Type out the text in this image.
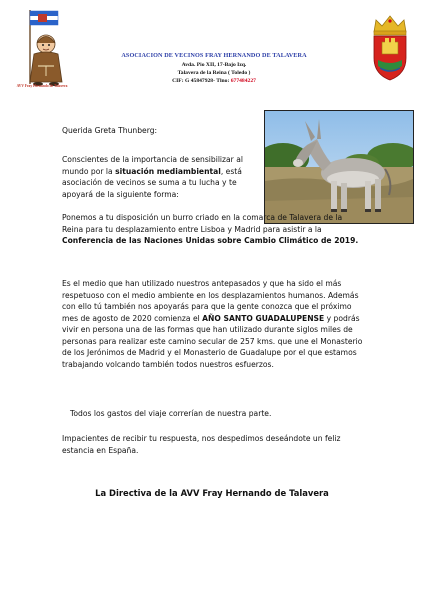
AVV Fray Hernando de Talavera
ASOCIACION DE VECINOS FRAY HERNANDO DE TALAVERA
Avda. Pio XII, 17-Bajo Izq.
Talavera de la Reina ( Toledo )
CIF: G 45847928- Tlno: 677484227
Querida Greta Thunberg:
Conscientes de la importancia de sensibilizar al mundo por la situación mediambiental, está asociación de vecinos se suma a tu lucha y te apoyará de la siguiente forma:
Ponemos a tu disposición un burro criado en la comarca de Talavera de la Reina para tu desplazamiento entre Lisboa y Madrid para asistir a la Conferencia de las Naciones Unidas sobre Cambio Climático de 2019.
Es el medio que han utilizado nuestros antepasados y que ha sido el más respetuoso con el medio ambiente en los desplazamientos humanos. Además con ello tú también nos apoyarás para que la gente conozca que el próximo mes de agosto de 2020 comienza el AÑO SANTO GUADALUPENSE y podrás vivir en persona una de las formas que han utilizado durante siglos miles de personas para realizar este camino secular de 257 kms. que une el Monasterio de los Jerónimos de Madrid y el Monasterio de Guadalupe por el que estamos trabajando volcando también todos nuestros esfuerzos.
Todos los gastos del viaje correrían de nuestra parte.
Impacientes de recibir tu respuesta, nos despedimos deseándote un feliz estancia en España.
La Directiva de la AVV Fray Hernando de Talavera
